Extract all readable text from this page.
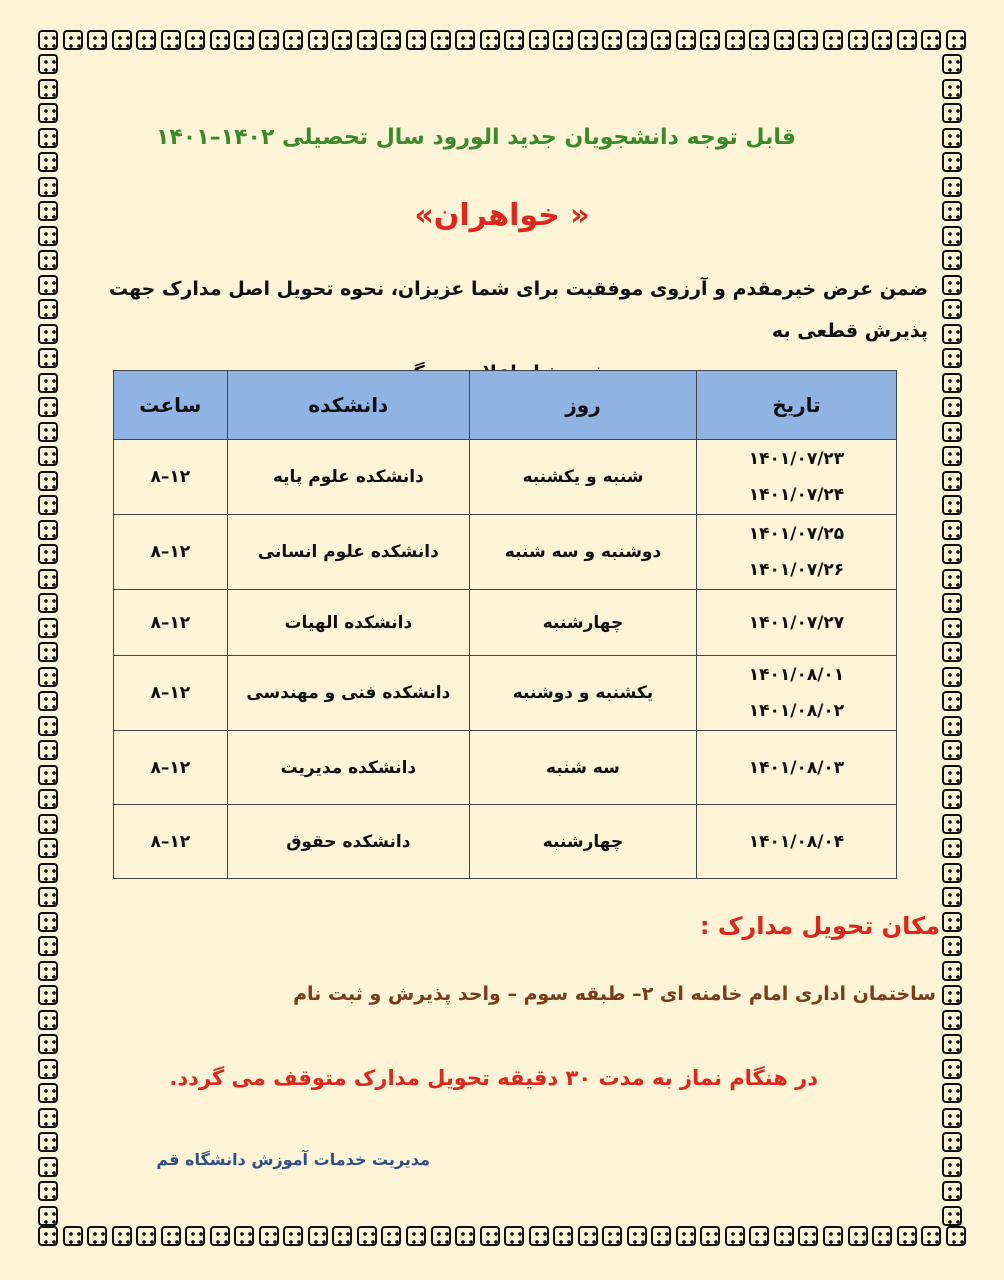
قابل توجه دانشجویان جدید الورود سال تحصیلی ۱۴۰۲–۱۴۰۱
« خواهران»
ضمن عرض خیرمقدم و آرزوی موفقیت برای شما عزیزان، نحوه تحویل اصل مدارک جهت پذیرش قطعی به
تاریخ	روز	دانشکده	ساعت

۱۴۰۱/۰۷/۲۳
۱۴۰۱/۰۷/۲۴	شنبه و یکشنبه	دانشکده علوم پایه	۱۲–۸

۱۴۰۱/۰۷/۲۵
۱۴۰۱/۰۷/۲۶	دوشنبه و سه شنبه	دانشکده علوم انسانی	۱۲–۸

۱۴۰۱/۰۷/۲۷	چهارشنبه	دانشکده الهیات	۱۲–۸

۱۴۰۱/۰۸/۰۱
۱۴۰۱/۰۸/۰۲	یکشنبه و دوشنبه	دانشکده فنی و مهندسی	۱۲–۸

۱۴۰۱/۰۸/۰۳	سه شنبه	دانشکده مدیریت	۱۲–۸

۱۴۰۱/۰۸/۰۴	چهارشنبه	دانشکده حقوق	۱۲–۸
مکان تحویل مدارک :
ساختمان اداری امام خامنه ای ۲– طبقه سوم – واحد پذیرش و ثبت نام
در هنگام نماز به مدت ۳۰ دقیقه تحویل مدارک متوقف می گردد.
مدیریت خدمات آموزش دانشگاه قم
